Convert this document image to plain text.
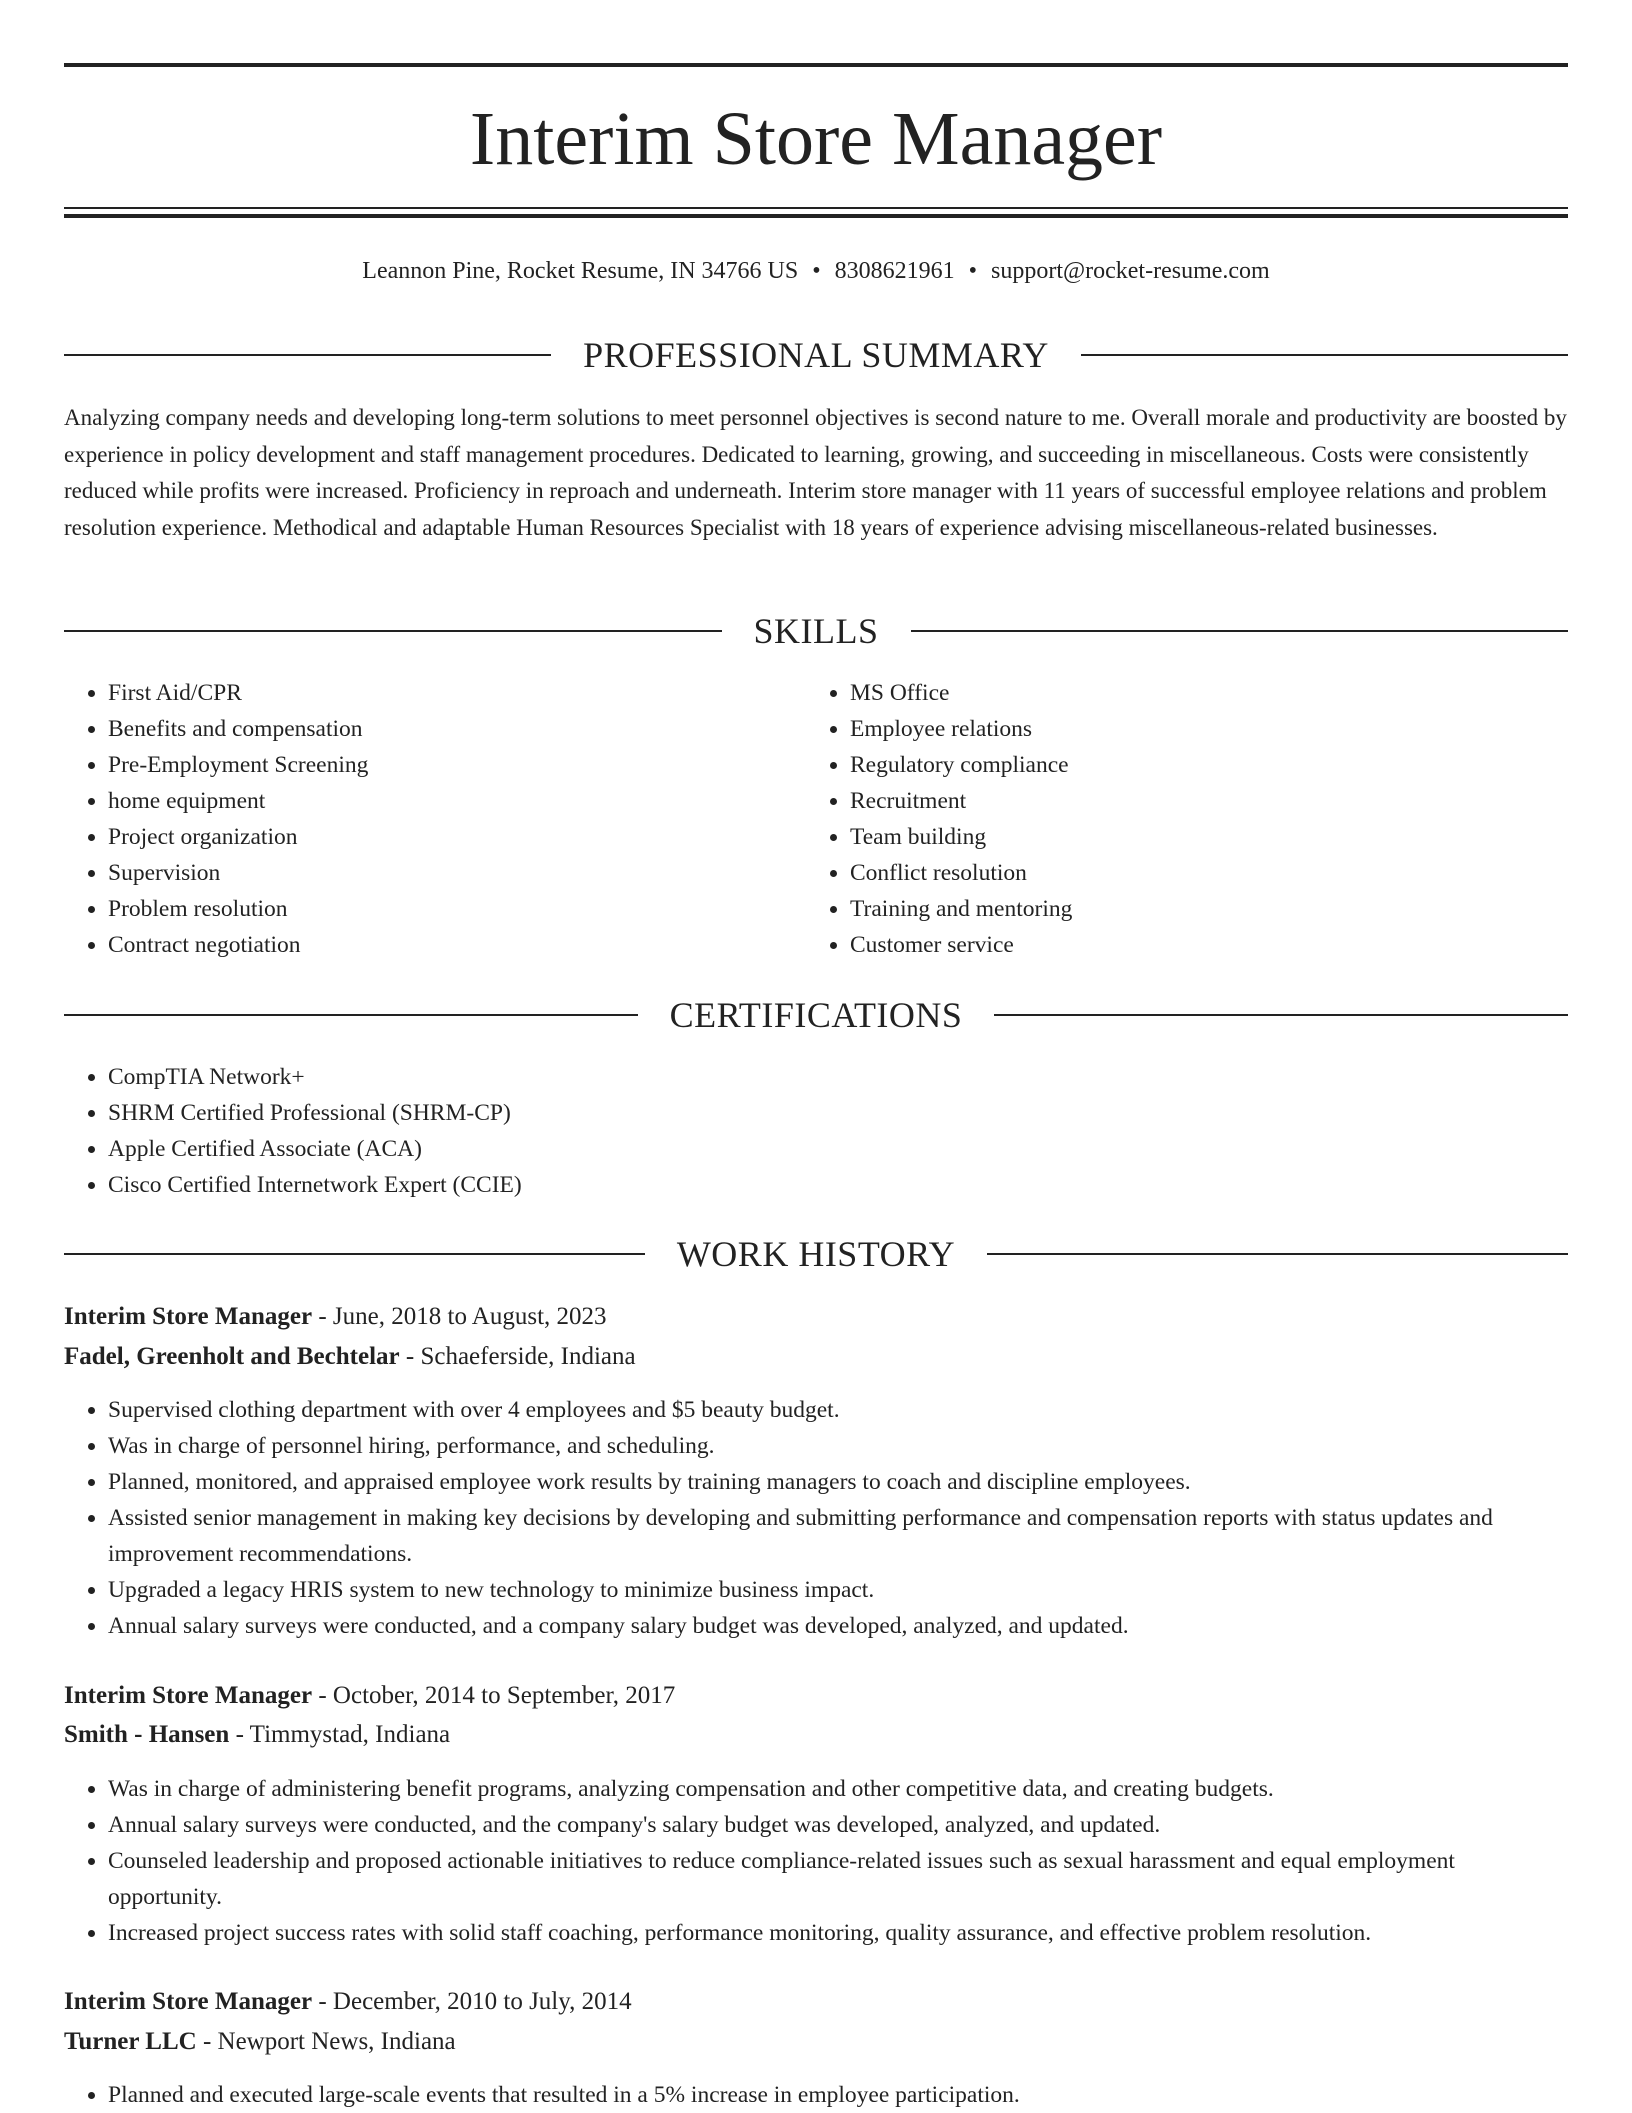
Interim Store Manager
Leannon Pine, Rocket Resume, IN 34766 US • 8308621961 • support@rocket-resume.com
PROFESSIONAL SUMMARY

Analyzing company needs and developing long-term solutions to meet personnel objectives is second nature to me. Overall morale and productivity are boosted by experience in policy development and staff management procedures. Dedicated to learning, growing, and succeeding in miscellaneous. Costs were consistently reduced while profits were increased. Proficiency in reproach and underneath. Interim store manager with 11 years of successful employee relations and problem resolution experience. Methodical and adaptable Human Resources Specialist with 18 years of experience advising miscellaneous-related businesses.

SKILLS
• First Aid/CPR
• Benefits and compensation
• Pre-Employment Screening
• home equipment
• Project organization
• Supervision
• Problem resolution
• Contract negotiation
• MS Office
• Employee relations
• Regulatory compliance
• Recruitment
• Team building
• Conflict resolution
• Training and mentoring
• Customer service
CERTIFICATIONS
• CompTIA Network+
• SHRM Certified Professional (SHRM-CP)
• Apple Certified Associate (ACA)
• Cisco Certified Internetwork Expert (CCIE)
WORK HISTORY
Interim Store Manager - June, 2018 to August, 2023
Fadel, Greenholt and Bechtelar - Schaeferside, Indiana
• Supervised clothing department with over 4 employees and $5 beauty budget.
• Was in charge of personnel hiring, performance, and scheduling.
• Planned, monitored, and appraised employee work results by training managers to coach and discipline employees.
• Assisted senior management in making key decisions by developing and submitting performance and compensation reports with status updates and improvement recommendations.
• Upgraded a legacy HRIS system to new technology to minimize business impact.
• Annual salary surveys were conducted, and a company salary budget was developed, analyzed, and updated.
Interim Store Manager - October, 2014 to September, 2017
Smith - Hansen - Timmystad, Indiana
• Was in charge of administering benefit programs, analyzing compensation and other competitive data, and creating budgets.
• Annual salary surveys were conducted, and the company's salary budget was developed, analyzed, and updated.
• Counseled leadership and proposed actionable initiatives to reduce compliance-related issues such as sexual harassment and equal employment opportunity.
• Increased project success rates with solid staff coaching, performance monitoring, quality assurance, and effective problem resolution.
Interim Store Manager - December, 2010 to July, 2014
Turner LLC - Newport News, Indiana
• Planned and executed large-scale events that resulted in a 5% increase in employee participation.
